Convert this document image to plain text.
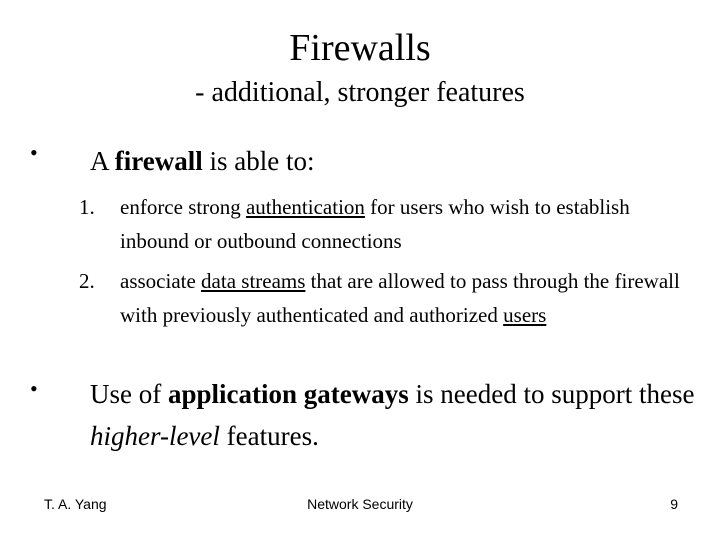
Firewalls
- additional, stronger features
• A firewall is able to:
1. enforce strong authentication for users who wish to establish inbound or outbound connections
2. associate data streams that are allowed to pass through the firewall with previously authenticated and authorized users
• Use of application gateways is needed to support these higher-level features.
T. A. Yang	Network Security	9
